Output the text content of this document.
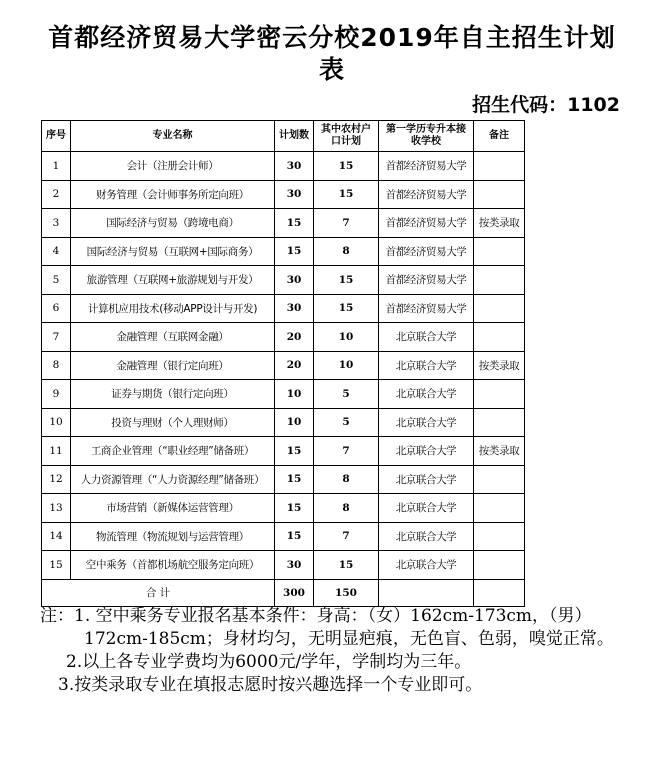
首都经济贸易大学密云分校2019年自主招生计划
表
招生代码：1102
序号	专业名称	计划数	其中农村户口计划	第一学历专升本接收学校	备注
1	会计（注册会计师）	30	15	首都经济贸易大学	
2	财务管理（会计师事务所定向班）	30	15	首都经济贸易大学	
3	国际经济与贸易（跨境电商）	15	7	首都经济贸易大学	按类录取
4	国际经济与贸易（互联网+国际商务）	15	8	首都经济贸易大学	
5	旅游管理（互联网+旅游规划与开发）	30	15	首都经济贸易大学	
6	计算机应用技术(移动APP设计与开发)	30	15	首都经济贸易大学	
7	金融管理（互联网金融）	20	10	北京联合大学	
8	金融管理（银行定向班）	20	10	北京联合大学	按类录取
9	证券与期货（银行定向班）	10	5	北京联合大学	
10	投资与理财（个人理财师）	10	5	北京联合大学	
11	工商企业管理（“职业经理”储备班）	15	7	北京联合大学	按类录取
12	人力资源管理（“人力资源经理”储备班）	15	8	北京联合大学	
13	市场营销（新媒体运营管理）	15	8	北京联合大学	
14	物流管理（物流规划与运营管理）	15	7	北京联合大学	
15	空中乘务（首都机场航空服务定向班）	30	15	北京联合大学	
合 计		300	150		

注：1. 空中乘务专业报名基本条件：身高：（女）162cm-173cm，（男）172cm-185cm；身材均匀，无明显疤痕，无色盲、色弱，嗅觉正常。

2.以上各专业学费均为6000元/学年，学制均为三年。

3.按类录取专业在填报志愿时按兴趣选择一个专业即可。
